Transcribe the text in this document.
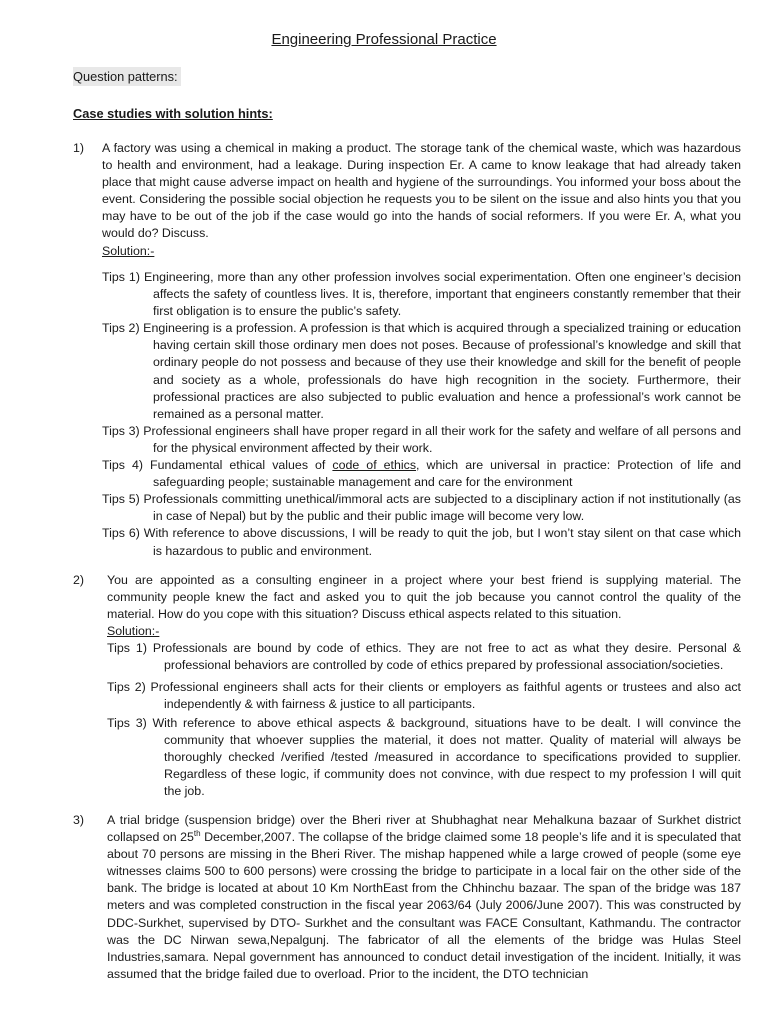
Engineering Professional Practice
Question patterns:
Case studies with solution hints:
1) A factory was using a chemical in making a product. The storage tank of the chemical waste, which was hazardous to health and environment, had a leakage. During inspection Er. A came to know leakage that had already taken place that might cause adverse impact on health and hygiene of the surroundings. You informed your boss about the event. Considering the possible social objection he requests you to be silent on the issue and also hints you that you may have to be out of the job if the case would go into the hands of social reformers. If you were Er. A, what you would do? Discuss.
Solution:-
Tips 1) Engineering, more than any other profession involves social experimentation. Often one engineer’s decision affects the safety of countless lives. It is, therefore, important that engineers constantly remember that their first obligation is to ensure the public’s safety.
Tips 2) Engineering is a profession. A profession is that which is acquired through a specialized training or education having certain skill those ordinary men does not poses. Because of professional’s knowledge and skill that ordinary people do not possess and because of they use their knowledge and skill for the benefit of people and society as a whole, professionals do have high recognition in the society. Furthermore, their professional practices are also subjected to public evaluation and hence a professional’s work cannot be remained as a personal matter.
Tips 3) Professional engineers shall have proper regard in all their work for the safety and welfare of all persons and for the physical environment affected by their work.
Tips 4) Fundamental ethical values of code of ethics, which are universal in practice: Protection of life and safeguarding people; sustainable management and care for the environment
Tips 5) Professionals committing unethical/immoral acts are subjected to a disciplinary action if not institutionally (as in case of Nepal) but by the public and their public image will become very low.
Tips 6) With reference to above discussions, I will be ready to quit the job, but I won’t stay silent on that case which is hazardous to public and environment.
2) You are appointed as a consulting engineer in a project where your best friend is supplying material. The community people knew the fact and asked you to quit the job because you cannot control the quality of the material. How do you cope with this situation? Discuss ethical aspects related to this situation.
Solution:-
Tips 1) Professionals are bound by code of ethics. They are not free to act as what they desire. Personal & professional behaviors are controlled by code of ethics prepared by professional association/societies.
Tips 2) Professional engineers shall acts for their clients or employers as faithful agents or trustees and also act independently & with fairness & justice to all participants.
Tips 3) With reference to above ethical aspects & background, situations have to be dealt. I will convince the community that whoever supplies the material, it does not matter. Quality of material will always be thoroughly checked /verified /tested /measured in accordance to specifications provided to supplier. Regardless of these logic, if community does not convince, with due respect to my profession I will quit the job.
3) A trial bridge (suspension bridge) over the Bheri river at Shubhaghat near Mehalkuna bazaar of Surkhet district collapsed on 25th December,2007. The collapse of the bridge claimed some 18 people’s life and it is speculated that about 70 persons are missing in the Bheri River. The mishap happened while a large crowed of people (some eye witnesses claims 500 to 600 persons) were crossing the bridge to participate in a local fair on the other side of the bank. The bridge is located at about 10 Km NorthEast from the Chhinchu bazaar. The span of the bridge was 187 meters and was completed construction in the fiscal year 2063/64 (July 2006/June 2007). This was constructed by DDC-Surkhet, supervised by DTO- Surkhet and the consultant was FACE Consultant, Kathmandu. The contractor was the DC Nirwan sewa,Nepalgunj. The fabricator of all the elements of the bridge was Hulas Steel Industries,samara. Nepal government has announced to conduct detail investigation of the incident. Initially, it was assumed that the bridge failed due to overload. Prior to the incident, the DTO technician
